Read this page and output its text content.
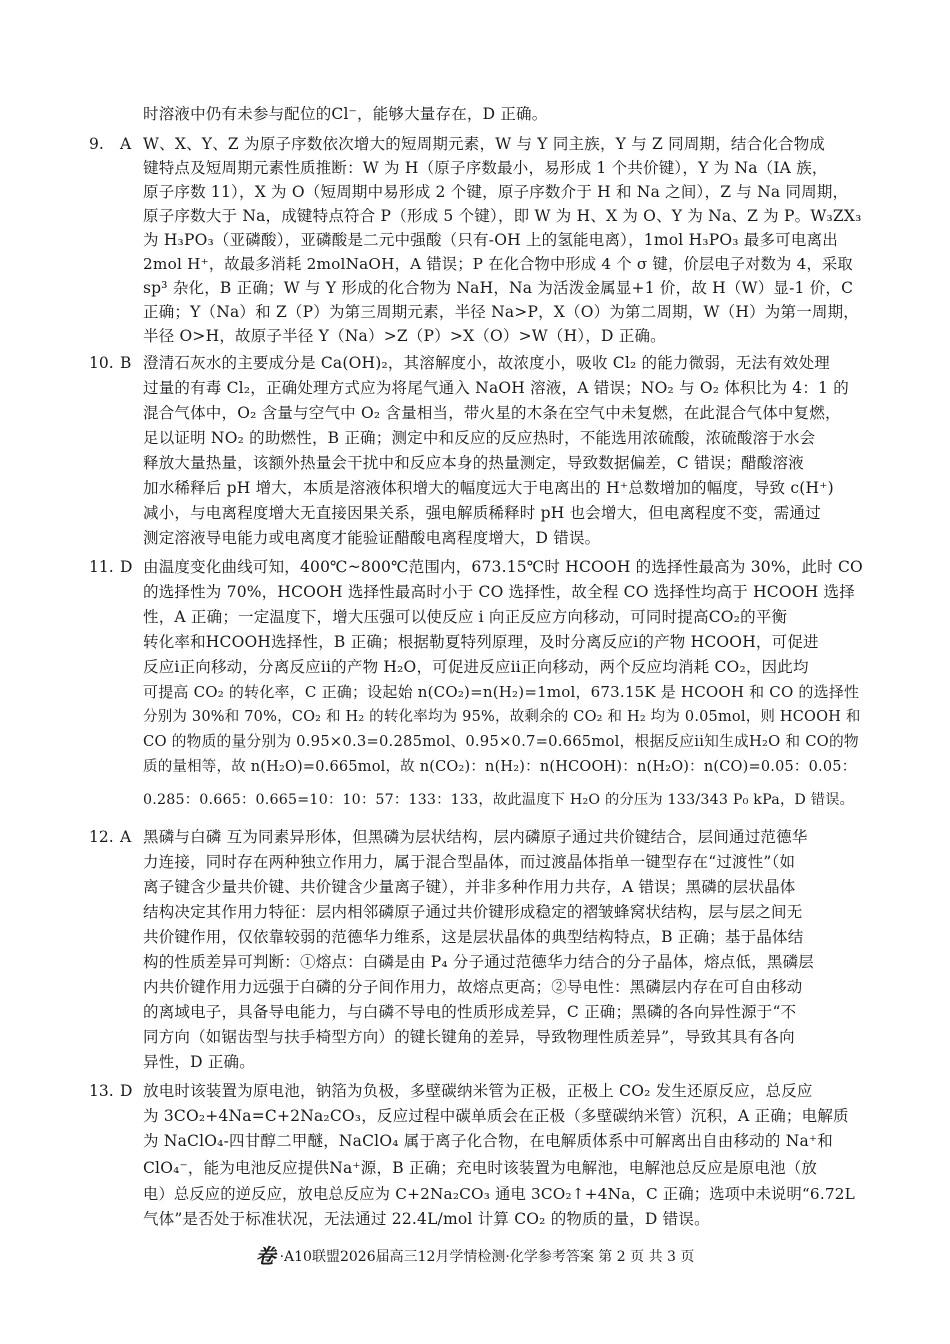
时溶液中仍有未参与配位的Cl⁻，能够大量存在，D 正确。
9. A W、X、Y、Z 为原子序数依次增大的短周期元素，W 与 Y 同主族，Y 与 Z 同周期，结合化合物成
键特点及短周期元素性质推断：W 为 H（原子序数最小，易形成 1 个共价键），Y 为 Na（IA 族，
原子序数 11），X 为 O（短周期中易形成 2 个键，原子序数介于 H 和 Na 之间），Z 与 Na 同周期，
原子序数大于 Na，成键特点符合 P（形成 5 个键），即 W 为 H、X 为 O、Y 为 Na、Z 为 P。W₃ZX₃
为 H₃PO₃（亚磷酸），亚磷酸是二元中强酸（只有-OH 上的氢能电离），1mol H₃PO₃ 最多可电离出
2mol H⁺，故最多消耗 2molNaOH，A 错误；P 在化合物中形成 4 个 σ 键，价层电子对数为 4，采取
sp³ 杂化，B 正确；W 与 Y 形成的化合物为 NaH，Na 为活泼金属显+1 价，故 H（W）显-1 价，C
正确；Y（Na）和 Z（P）为第三周期元素，半径 Na>P，X（O）为第二周期，W（H）为第一周期，
半径 O>H，故原子半径 Y（Na）>Z（P）>X（O）>W（H），D 正确。
10. B 澄清石灰水的主要成分是 Ca(OH)₂，其溶解度小，故浓度小，吸收 Cl₂ 的能力微弱，无法有效处理
过量的有毒 Cl₂，正确处理方式应为将尾气通入 NaOH 溶液，A 错误；NO₂ 与 O₂ 体积比为 4：1 的
混合气体中，O₂ 含量与空气中 O₂ 含量相当，带火星的木条在空气中未复燃，在此混合气体中复燃，
足以证明 NO₂ 的助燃性，B 正确；测定中和反应的反应热时，不能选用浓硫酸，浓硫酸溶于水会
释放大量热量，该额外热量会干扰中和反应本身的热量测定，导致数据偏差，C 错误；醋酸溶液
加水稀释后 pH 增大，本质是溶液体积增大的幅度远大于电离出的 H⁺总数增加的幅度，导致 c(H⁺)
减小，与电离程度增大无直接因果关系，强电解质稀释时 pH 也会增大，但电离程度不变，需通过
测定溶液导电能力或电离度才能验证醋酸电离程度增大，D 错误。
11. D 由温度变化曲线可知，400℃~800℃范围内，673.15℃时 HCOOH 的选择性最高为 30%，此时 CO
的选择性为 70%，HCOOH 选择性最高时小于 CO 选择性，故全程 CO 选择性均高于 HCOOH 选择
性，A 正确；一定温度下，增大压强可以使反应 i 向正反应方向移动，可同时提高CO₂的平衡
转化率和HCOOH选择性，B 正确；根据勒夏特列原理，及时分离反应i的产物 HCOOH，可促进
反应i正向移动，分离反应ii的产物 H₂O，可促进反应ii正向移动，两个反应均消耗 CO₂，因此均
可提高 CO₂ 的转化率，C 正确；设起始 n(CO₂)=n(H₂)=1mol，673.15K 是 HCOOH 和 CO 的选择性
分别为 30%和 70%，CO₂ 和 H₂ 的转化率均为 95%，故剩余的 CO₂ 和 H₂ 均为 0.05mol，则 HCOOH 和
CO 的物质的量分别为 0.95×0.3=0.285mol、0.95×0.7=0.665mol，根据反应ii知生成H₂O 和 CO的物
质的量相等，故 n(H₂O)=0.665mol，故 n(CO₂)：n(H₂)：n(HCOOH)：n(H₂O)：n(CO)=0.05：0.05：
0.285：0.665：0.665=10：10：57：133：133，故此温度下 H₂O 的分压为 133/343 P₀ kPa，D 错误。
12. A 黑磷与白磷 互为同素异形体，但黑磷为层状结构，层内磷原子通过共价键结合，层间通过范德华
力连接，同时存在两种独立作用力，属于混合型晶体，而过渡晶体指单一键型存在“过渡性”（如
离子键含少量共价键、共价键含少量离子键），并非多种作用力共存，A 错误；黑磷的层状晶体
结构决定其作用力特征：层内相邻磷原子通过共价键形成稳定的褶皱蜂窝状结构，层与层之间无
共价键作用，仅依靠较弱的范德华力维系，这是层状晶体的典型结构特点，B 正确；基于晶体结
构的性质差异可判断：①熔点：白磷是由 P₄ 分子通过范德华力结合的分子晶体，熔点低，黑磷层
内共价键作用力远强于白磷的分子间作用力，故熔点更高；②导电性：黑磷层内存在可自由移动
的离域电子，具备导电能力，与白磷不导电的性质形成差异，C 正确；黑磷的各向异性源于“不
同方向（如锯齿型与扶手椅型方向）的键长键角的差异，导致物理性质差异”，导致其具有各向
异性，D 正确。
13. D 放电时该装置为原电池，钠箔为负极，多壁碳纳米管为正极，正极上 CO₂ 发生还原反应，总反应
为 3CO₂+4Na=C+2Na₂CO₃，反应过程中碳单质会在正极（多壁碳纳米管）沉积，A 正确；电解质
为 NaClO₄-四甘醇二甲醚，NaClO₄ 属于离子化合物，在电解质体系中可解离出自由移动的 Na⁺和
ClO₄⁻，能为电池反应提供Na⁺源，B 正确；充电时该装置为电解池，电解池总反应是原电池（放
电）总反应的逆反应，放电总反应为 C+2Na₂CO₃ 通电 3CO₂↑+4Na，C 正确；选项中未说明“6.72L
气体”是否处于标准状况，无法通过 22.4L/mol 计算 CO₂ 的物质的量，D 错误。
卷 ·A10联盟2026届高三12月学情检测·化学参考答案 第 2 页 共 3 页
